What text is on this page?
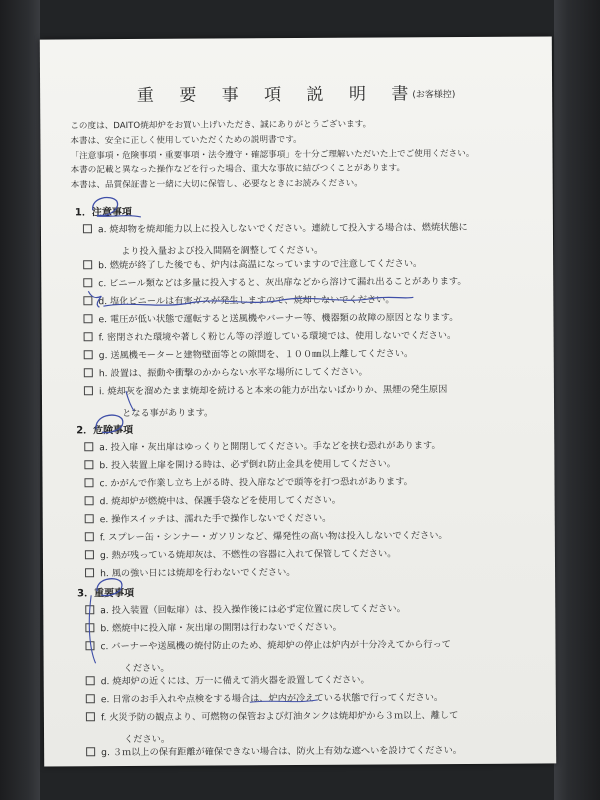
重 要 事 項 説 明 書$^{(お客様控)}$
この度は、DAITO焼却炉をお買い上げいただき、誠にありがとうございます。
本書は、安全に正しく使用していただくための説明書です。
「注意事項・危険事項・重要事項・法令遵守・確認事項」を十分ご理解いただいた上でご使用ください。
本書の記載と異なった操作などを行った場合、重大な事故に結びつくことがあります。
本書は、品質保証書と一緒に大切に保管し、必要なときにお読みください。
1．注意事項
a. 焼却物を焼却能力以上に投入しないでください。連続して投入する場合は、燃焼状態に
より投入量および投入間隔を調整してください。
b. 燃焼が終了した後でも、炉内は高温になっていますので注意してください。
c. ビニール類などは多量に投入すると、灰出扉などから溶けて漏れ出ることがあります。
d. 塩化ビニールは有害ガスが発生しますので、焼却しないでください。
e. 電圧が低い状態で運転すると送風機やバーナー等、機器類の故障の原因となります。
f. 密閉された環境や著しく粉じん等の浮遊している環境では、使用しないでください。
g. 送風機モーターと建物壁面等との隙間を、１００㎜以上離してください。
h. 設置は、振動や衝撃のかからない水平な場所にしてください。
i. 焼却灰を溜めたまま焼却を続けると本来の能力が出ないばかりか、黒煙の発生原因
となる事があります。
2．危険事項
a. 投入扉・灰出扉はゆっくりと開閉してください。手などを挟む恐れがあります。
b. 投入装置上扉を開ける時は、必ず倒れ防止金具を使用してください。
c. かがんで作業し立ち上がる時、投入扉などで頭等を打つ恐れがあります。
d. 焼却炉が燃焼中は、保護手袋などを使用してください。
e. 操作スイッチは、濡れた手で操作しないでください。
f. スプレー缶・シンナー・ガソリンなど、爆発性の高い物は投入しないでください。
g. 熱が残っている焼却灰は、不燃性の容器に入れて保管してください。
h. 風の強い日には焼却を行わないでください。
3．重要事項
a. 投入装置（回転扉）は、投入操作後には必ず定位置に戻してください。
b. 燃焼中に投入扉・灰出扉の開閉は行わないでください。
c. バーナーや送風機の焼付防止のため、焼却炉の停止は炉内が十分冷えてから行って
ください。
d. 焼却炉の近くには、万一に備えて消火器を設置してください。
e. 日常のお手入れや点検をする場合は、炉内が冷えている状態で行ってください。
f. 火災予防の観点より、可燃物の保管および灯油タンクは焼却炉から３ｍ以上、離して
ください。
g. ３ｍ以上の保有距離が確保できない場合は、防火上有効な遮へいを設けてください。
